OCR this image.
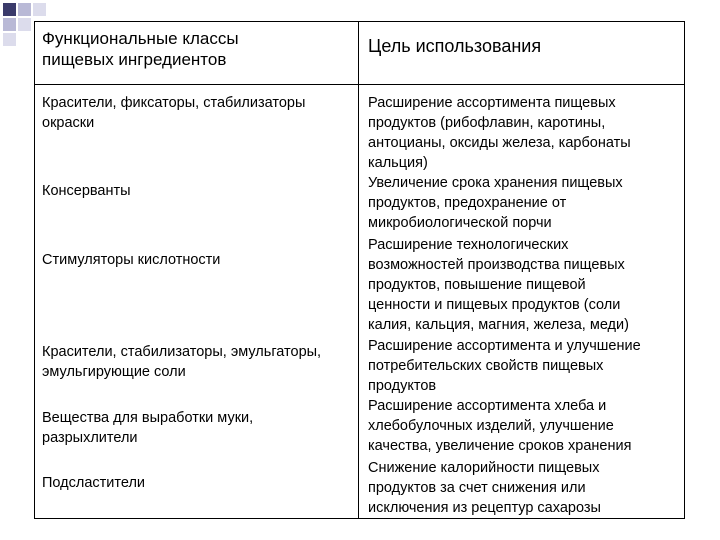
Функциональные классы
пищевых ингредиентов
Цель использования
Красители, фиксаторы, стабилизаторы
окраски
Расширение ассортимента пищевых
продуктов (рибофлавин, каротины,
антоцианы, оксиды железа, карбонаты
кальция)
Консерванты	Увеличение срока хранения пищевых
продуктов, предохранение от
микробиологической порчи
Стимуляторы кислотности
Расширение технологических
возможностей производства пищевых
продуктов, повышение пищевой
ценности и пищевых продуктов (соли
калия, кальция, магния, железа, меди)
Красители, стабилизаторы, эмульгаторы,
эмульгирующие соли
Расширение ассортимента и улучшение
потребительских свойств пищевых
продуктов
Вещества для выработки муки,
разрыхлители
Расширение ассортимента хлеба и
хлебобулочных изделий, улучшение
качества, увеличение сроков хранения
Подсластители
Снижение калорийности пищевых
продуктов за счет снижения или
исключения из рецептур сахарозы
